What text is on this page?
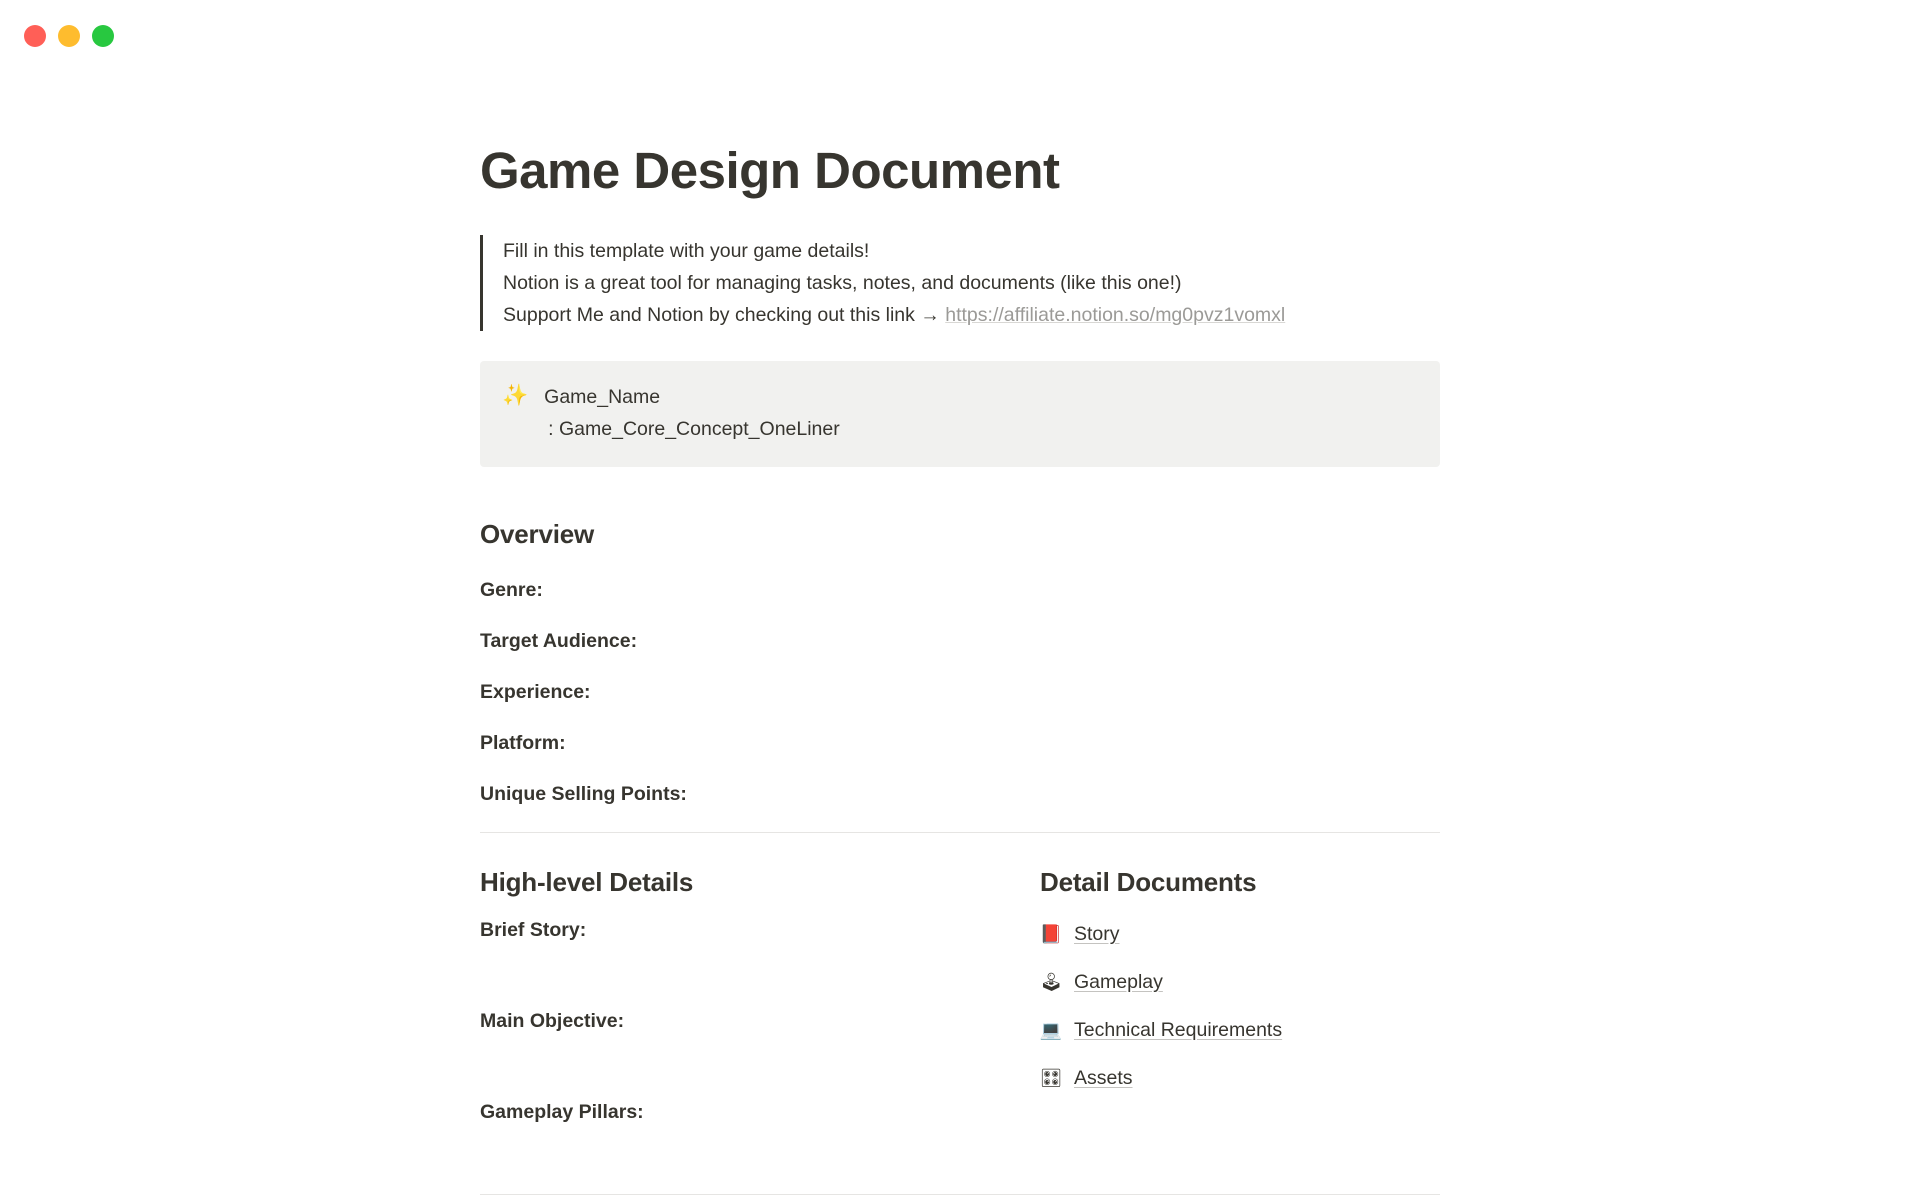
Game Design Document

Fill in this template with your game details!

Notion is a great tool for managing tasks, notes, and documents (like this one!)

Support Me and Notion by checking out this link → https://affiliate.notion.so/mg0pvz1vomxl

✨ Game_Name
: Game_Core_Concept_OneLiner
Overview
Genre:
Target Audience:
Experience:
Platform:
Unique Selling Points:
High-level Details
Brief Story:
Main Objective:
Gameplay Pillars:
Detail Documents
📕 Story
🕹 Gameplay
💻 Technical Requirements
🎛 Assets
